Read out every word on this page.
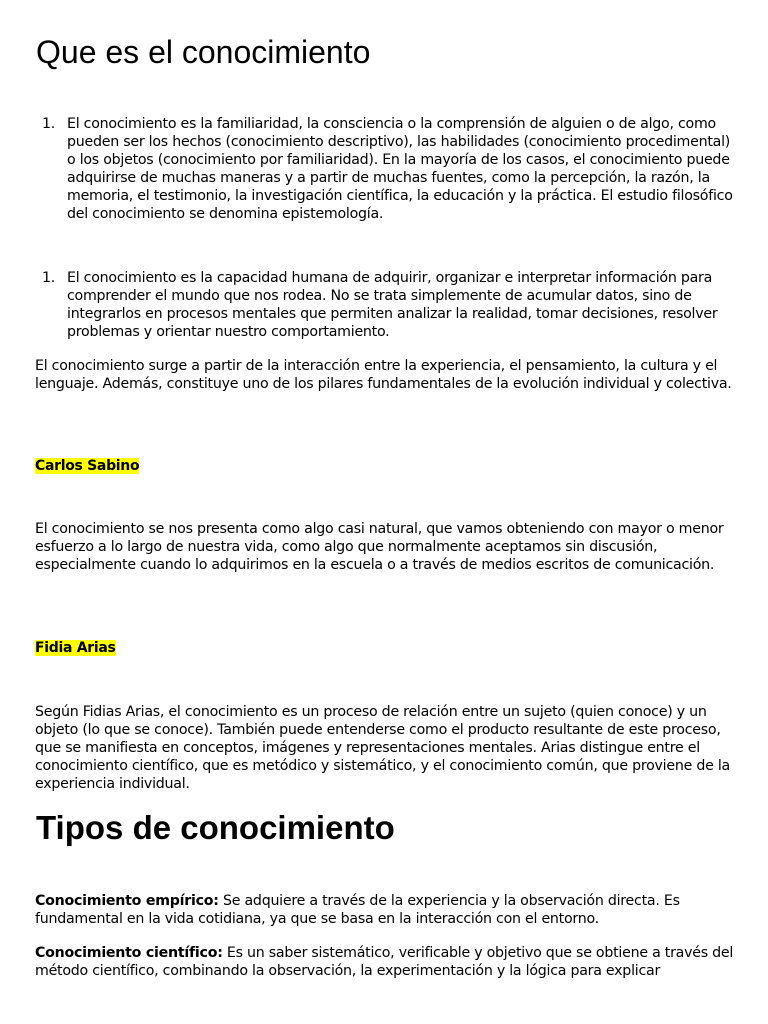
Que es el conocimiento
1. El conocimiento es la familiaridad, la consciencia o la comprensión de alguien o de algo, como pueden ser los hechos (conocimiento descriptivo), las habilidades (conocimiento procedimental) o los objetos (conocimiento por familiaridad). En la mayoría de los casos, el conocimiento puede adquirirse de muchas maneras y a partir de muchas fuentes, como la percepción, la razón, la memoria, el testimonio, la investigación científica, la educación y la práctica. El estudio filosófico del conocimiento se denomina epistemología.
1. El conocimiento es la capacidad humana de adquirir, organizar e interpretar información para comprender el mundo que nos rodea. No se trata simplemente de acumular datos, sino de integrarlos en procesos mentales que permiten analizar la realidad, tomar decisiones, resolver problemas y orientar nuestro comportamiento.

El conocimiento surge a partir de la interacción entre la experiencia, el pensamiento, la cultura y el lenguaje. Además, constituye uno de los pilares fundamentales de la evolución individual y colectiva.

Carlos Sabino

El conocimiento se nos presenta como algo casi natural, que vamos obteniendo con mayor o menor esfuerzo a lo largo de nuestra vida, como algo que normalmente aceptamos sin discusión, especialmente cuando lo adquirimos en la escuela o a través de medios escritos de comunicación.

Fidia Arias

Según Fidias Arias, el conocimiento es un proceso de relación entre un sujeto (quien conoce) y un objeto (lo que se conoce). También puede entenderse como el producto resultante de este proceso, que se manifiesta en conceptos, imágenes y representaciones mentales. Arias distingue entre el conocimiento científico, que es metódico y sistemático, y el conocimiento común, que proviene de la experiencia individual.

Tipos de conocimiento

Conocimiento empírico: Se adquiere a través de la experiencia y la observación directa. Es fundamental en la vida cotidiana, ya que se basa en la interacción con el entorno.

Conocimiento científico: Es un saber sistemático, verificable y objetivo que se obtiene a través del método científico, combinando la observación, la experimentación y la lógica para explicar
